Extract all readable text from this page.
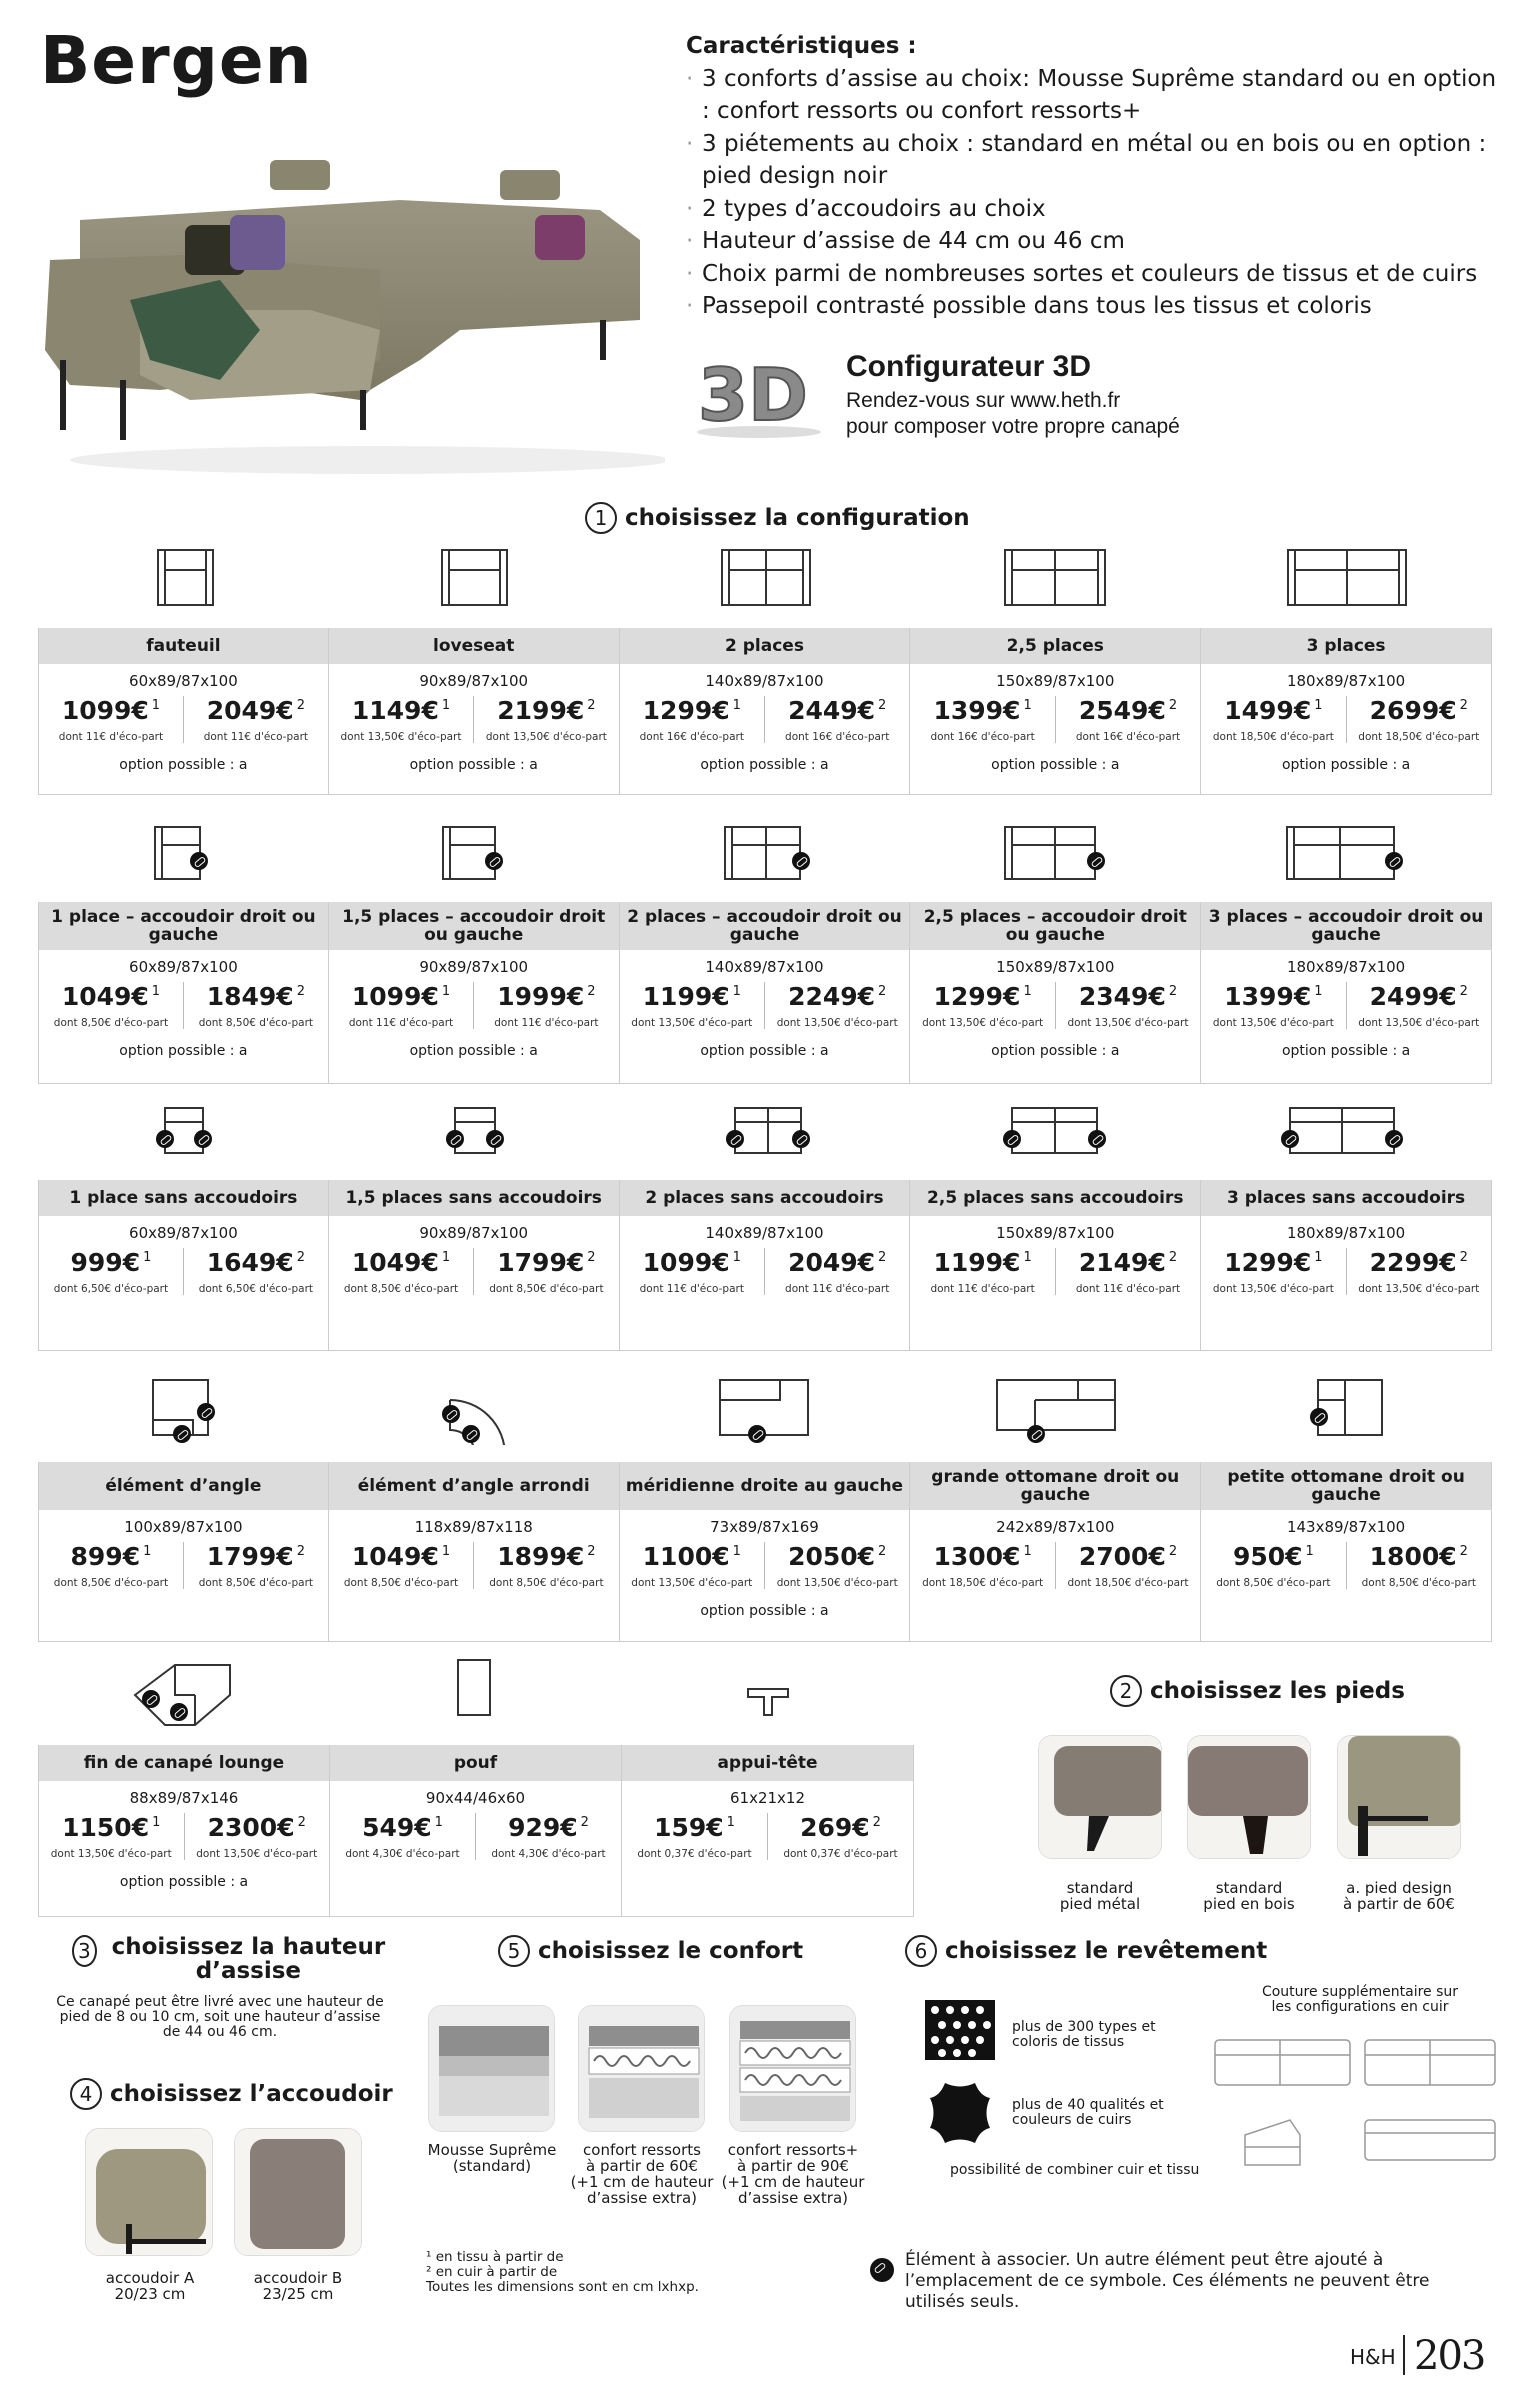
Bergen	Caractéristiques :
· 3 conforts d’assise au choix: Mousse Suprême standard ou en option : confort ressorts ou confort ressorts+
· 3 piétements au choix : standard en métal ou en bois ou en option : pied design noir
· 2 types d’accoudoirs au choix
· Hauteur d’assise de 44 cm ou 46 cm
· Choix parmi de nombreuses sortes et couleurs de tissus et de cuirs
· Passepoil contrasté possible dans tous les tissus et coloris
3D Configurateur 3D
Rendez-vous sur www.heth.fr
pour composer votre propre canapé
1 choisissez la configuration
fauteuil
60x89/87x100
1099€ $^1$
dont 11€ d'éco-part
2049€ $^2$
dont 11€ d'éco-part
option possible : a
loveseat
90x89/87x100
1149€ $^1$
dont 13,50€ d'éco-part
2199€ $^2$
dont 13,50€ d'éco-part
option possible : a
2 places
140x89/87x100
1299€ $^1$
dont 16€ d'éco-part
2449€ $^2$
dont 16€ d'éco-part
option possible : a
2,5 places
150x89/87x100
1399€ $^1$
dont 16€ d'éco-part
2549€ $^2$
dont 16€ d'éco-part
option possible : a
3 places
180x89/87x100
1499€ $^1$
dont 18,50€ d'éco-part
2699€ $^2$
dont 18,50€ d'éco-part
option possible : a
1 place – accoudoir droit ou gauche
60x89/87x100
1049€ $^1$
dont 8,50€ d'éco-part
1849€ $^2$
dont 8,50€ d'éco-part
option possible : a
1,5 places – accoudoir droit ou gauche
90x89/87x100
1099€ $^1$
dont 11€ d'éco-part
1999€ $^2$
dont 11€ d'éco-part
option possible : a
2 places – accoudoir droit ou gauche
140x89/87x100
1199€ $^1$
dont 13,50€ d'éco-part
2249€ $^2$
dont 13,50€ d'éco-part
option possible : a
2,5 places – accoudoir droit ou gauche
150x89/87x100
1299€ $^1$
dont 13,50€ d'éco-part
2349€ $^2$
dont 13,50€ d'éco-part
option possible : a
3 places – accoudoir droit ou gauche
180x89/87x100
1399€ $^1$
dont 13,50€ d'éco-part
2499€ $^2$
dont 13,50€ d'éco-part
option possible : a
1 place sans accoudoirs
60x89/87x100
999€ $^1$
dont 6,50€ d'éco-part
1649€ $^2$
dont 6,50€ d'éco-part
1,5 places sans accoudoirs
90x89/87x100
1049€ $^1$
dont 8,50€ d'éco-part
1799€ $^2$
dont 8,50€ d'éco-part
2 places sans accoudoirs
140x89/87x100
1099€ $^1$
dont 11€ d'éco-part
2049€ $^2$
dont 11€ d'éco-part
2,5 places sans accoudoirs
150x89/87x100
1199€ $^1$
dont 11€ d'éco-part
2149€ $^2$
dont 11€ d'éco-part
3 places sans accoudoirs
180x89/87x100
1299€ $^1$
dont 13,50€ d'éco-part
2299€ $^2$
dont 13,50€ d'éco-part
élément d’angle
100x89/87x100
899€ $^1$
dont 8,50€ d'éco-part
1799€ $^2$
dont 8,50€ d'éco-part
élément d’angle arrondi
118x89/87x118
1049€ $^1$
dont 8,50€ d'éco-part
1899€ $^2$
dont 8,50€ d'éco-part
méridienne droite au gauche
73x89/87x169
1100€ $^1$
dont 13,50€ d'éco-part
2050€ $^2$
dont 13,50€ d'éco-part
option possible : a
grande ottomane droit ou gauche
242x89/87x100
1300€ $^1$
dont 18,50€ d'éco-part
2700€ $^2$
dont 18,50€ d'éco-part
petite ottomane droit ou gauche
143x89/87x100
950€ $^1$
dont 8,50€ d'éco-part
1800€ $^2$
dont 8,50€ d'éco-part
fin de canapé lounge
88x89/87x146
1150€ $^1$
dont 13,50€ d'éco-part
2300€ $^2$
dont 13,50€ d'éco-part
option possible : a
pouf
90x44/46x60
549€ $^1$
dont 4,30€ d'éco-part
929€ $^2$
dont 4,30€ d'éco-part
appui-tête
61x21x12
159€ $^1$
dont 0,37€ d'éco-part
269€ $^2$
dont 0,37€ d'éco-part
2 choisissez les pieds
standard
pied métal
standard
pied en bois
a. pied design
à partir de 60€
3 choisissez la hauteur d’assise
Ce canapé peut être livré avec une hauteur de pied de 8 ou 10 cm, soit une hauteur d’assise de 44 ou 46 cm.
4 choisissez l’accoudoir
accoudoir A
20/23 cm
accoudoir B
23/25 cm
5 choisissez le confort
Mousse Suprême
(standard)
confort ressorts
à partir de 60€
(+1 cm de hauteur
d’assise extra)
confort ressorts+
à partir de 90€
(+1 cm de hauteur
d’assise extra)
6 choisissez le revêtement
plus de 300 types et coloris de tissus
plus de 40 qualités et couleurs de cuirs
possibilité de combiner cuir et tissu
Couture supplémentaire sur les configurations en cuir
¹ en tissu à partir de
² en cuir à partir de
Toutes les dimensions sont en cm lxhxp.
Élément à associer. Un autre élément peut être ajouté à l’emplacement de ce symbole. Ces éléments ne peuvent être utilisés seuls.
H&H 203
